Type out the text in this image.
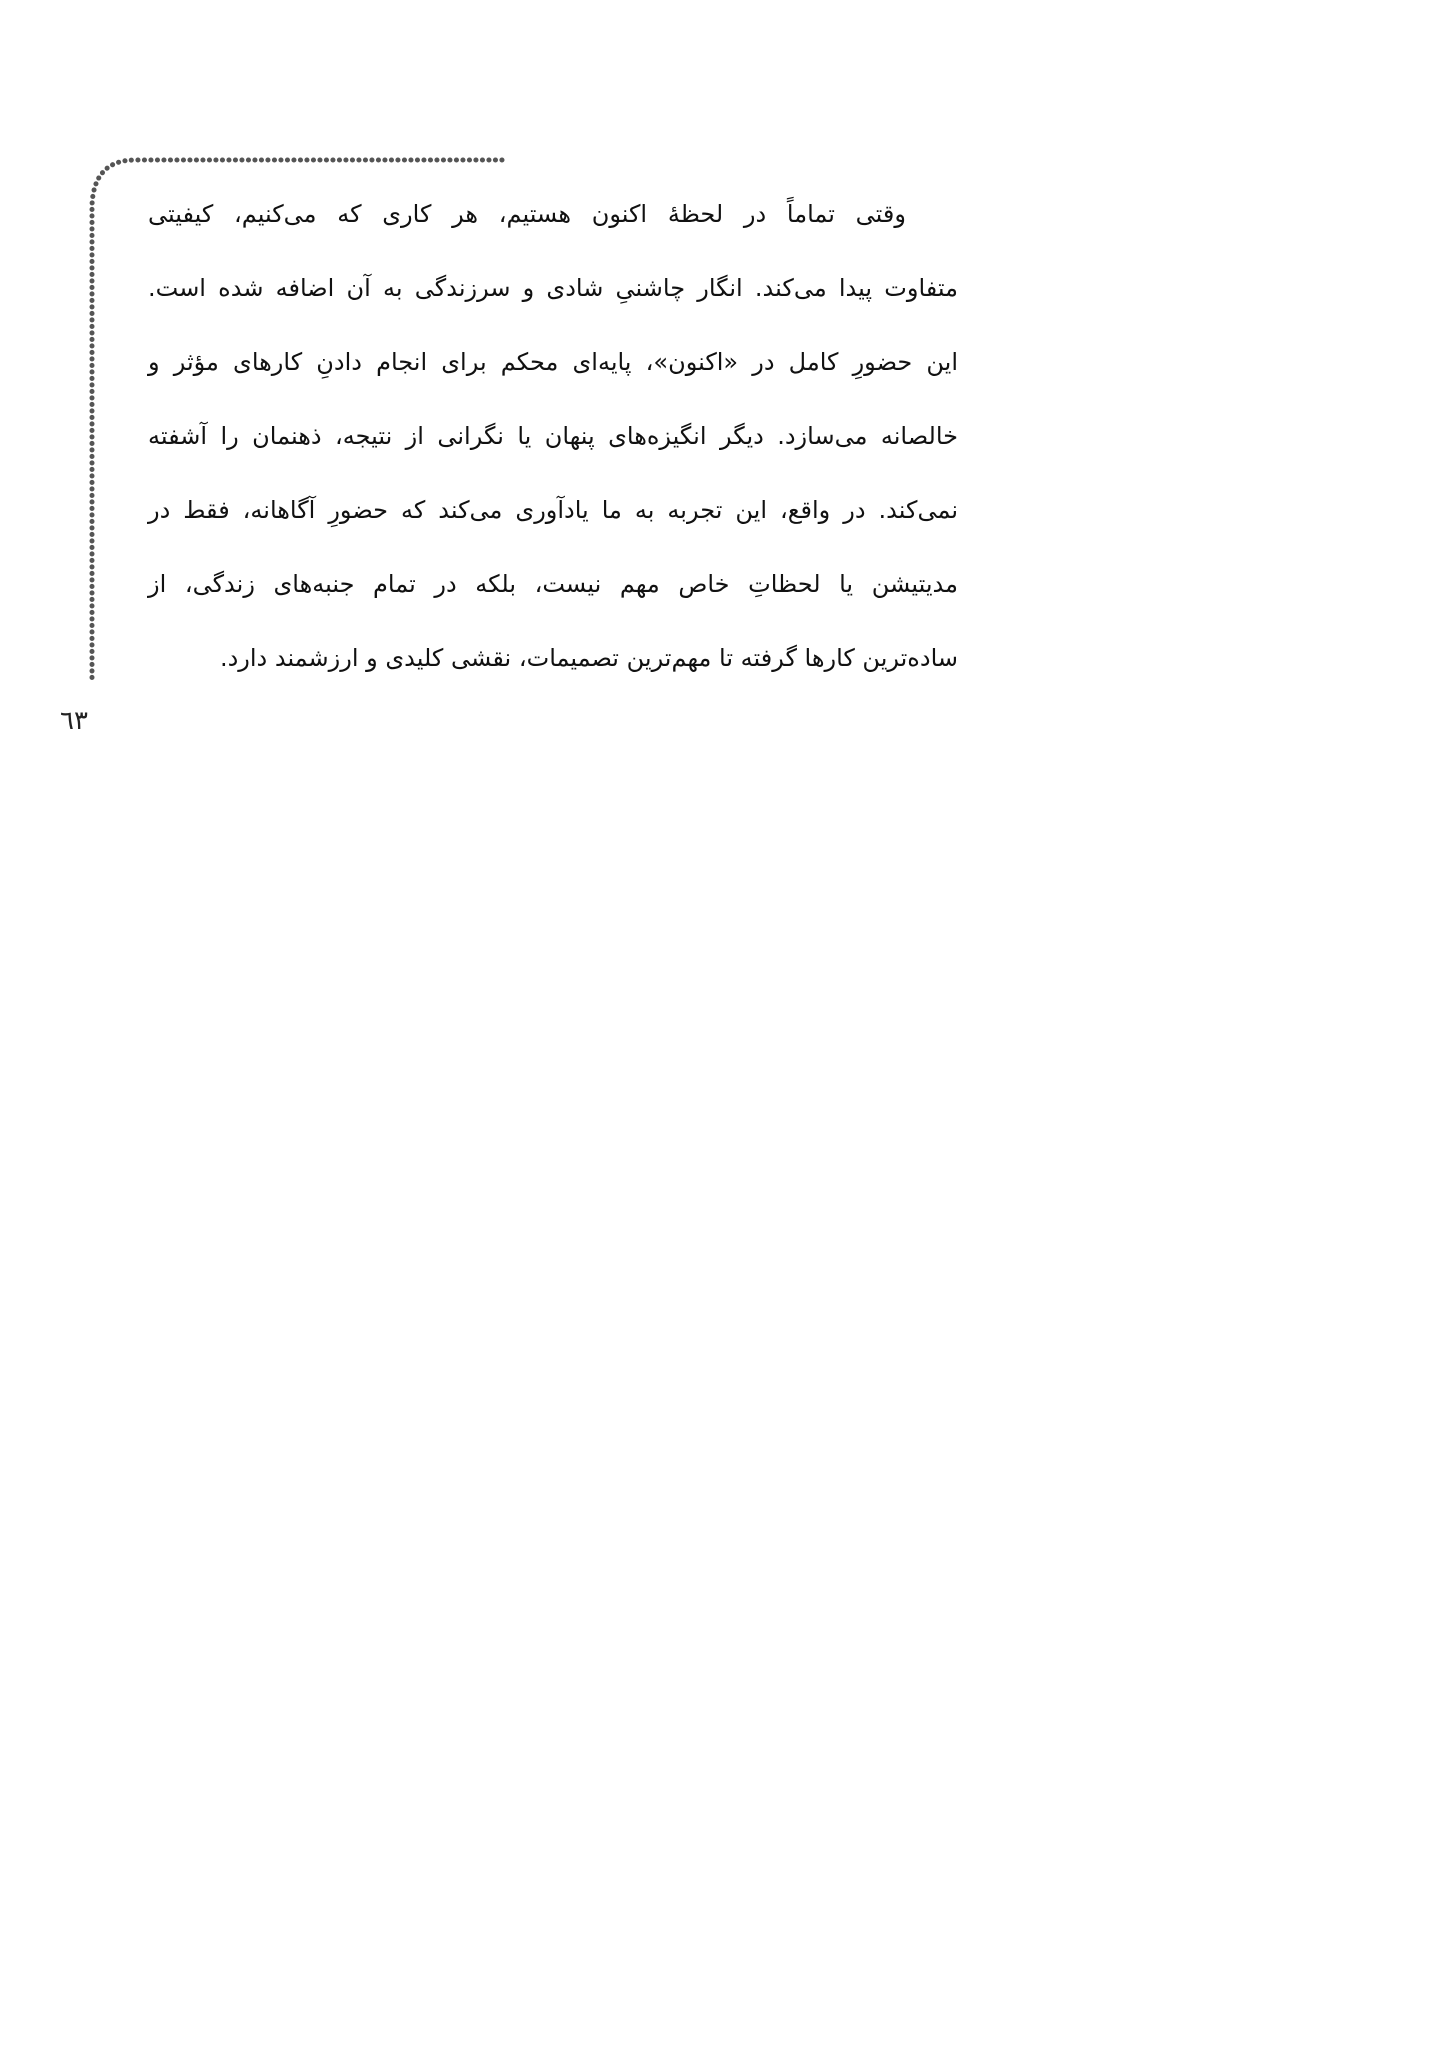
وقتی تماماً در لحظهٔ اکنون هستیم، هر کاری که می‌کنیم، کیفیتی
متفاوت پیدا می‌کند. انگار چاشنیِ شادی و سرزندگی به آن اضافه شده است.
این حضورِ کامل در «اکنون»، پایه‌ای محکم برای انجام دادنِ کارهای مؤثر و
خالصانه می‌سازد. دیگر انگیزه‌های پنهان یا نگرانی از نتیجه، ذهنمان را آشفته
نمی‌کند. در واقع، این تجربه به ما یادآوری می‌کند که حضورِ آگاهانه، فقط در
مدیتیشن یا لحظاتِ خاص مهم نیست، بلکه در تمام جنبه‌های زندگی، از
ساده‌ترین کارها گرفته تا مهم‌ترین تصمیمات، نقشی کلیدی و ارزشمند دارد.
٦٣
